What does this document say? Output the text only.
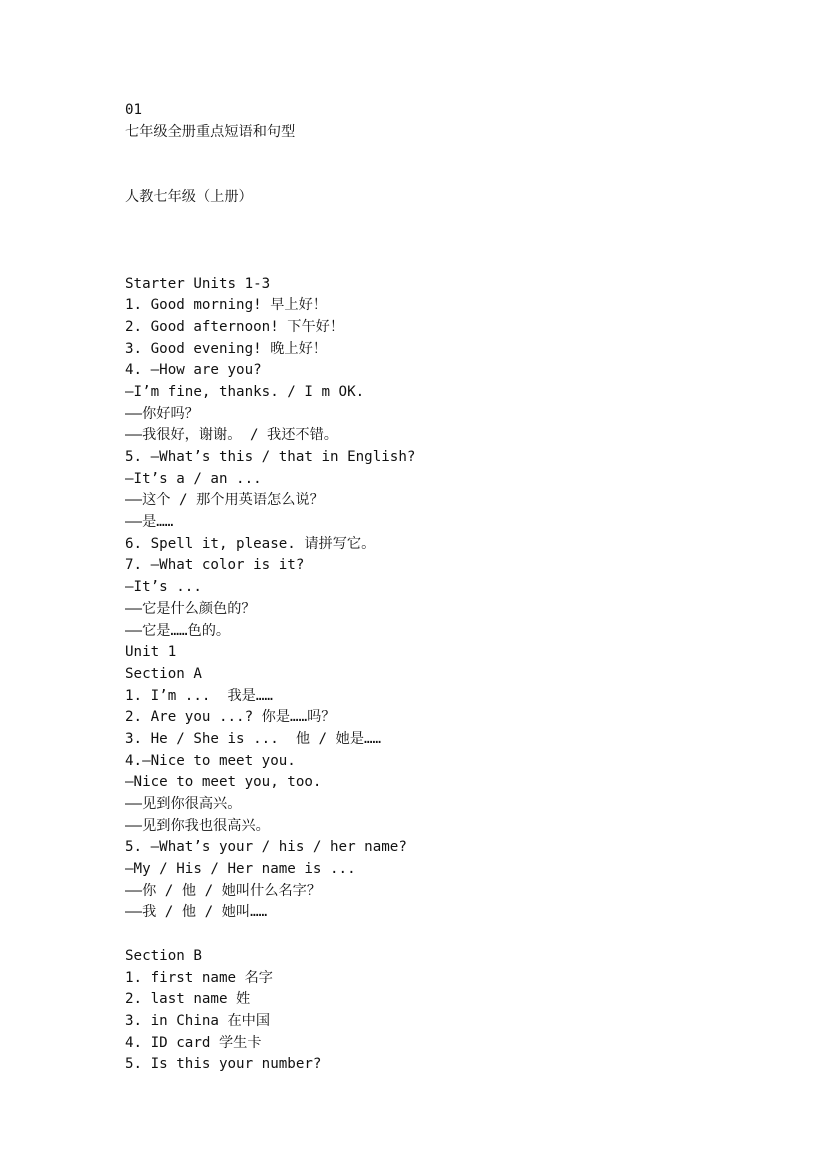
01
七年级全册重点短语和句型
人教七年级（上册）
Starter Units 1-3
1. Good morning! 早上好！
2. Good afternoon! 下午好！
3. Good evening! 晚上好！
4. —How are you?
—I’m fine, thanks. / I m OK.
——你好吗？
——我很好，谢谢。 / 我还不错。
5. —What’s this / that in English?
—It’s a / an ...
——这个 / 那个用英语怎么说？
——是……
6. Spell it, please. 请拼写它。
7. —What color is it?
—It’s ...
——它是什么颜色的？
——它是……色的。
Unit 1
Section A
1. I’m ...  我是……
2. Are you ...? 你是……吗？
3. He / She is ...  他 / 她是……
4.—Nice to meet you.
—Nice to meet you, too.
——见到你很高兴。
——见到你我也很高兴。
5. —What’s your / his / her name?
—My / His / Her name is ...
——你 / 他 / 她叫什么名字？
——我 / 他 / 她叫……
Section B
1. first name 名字
2. last name 姓
3. in China 在中国
4. ID card 学生卡
5. Is this your number?
